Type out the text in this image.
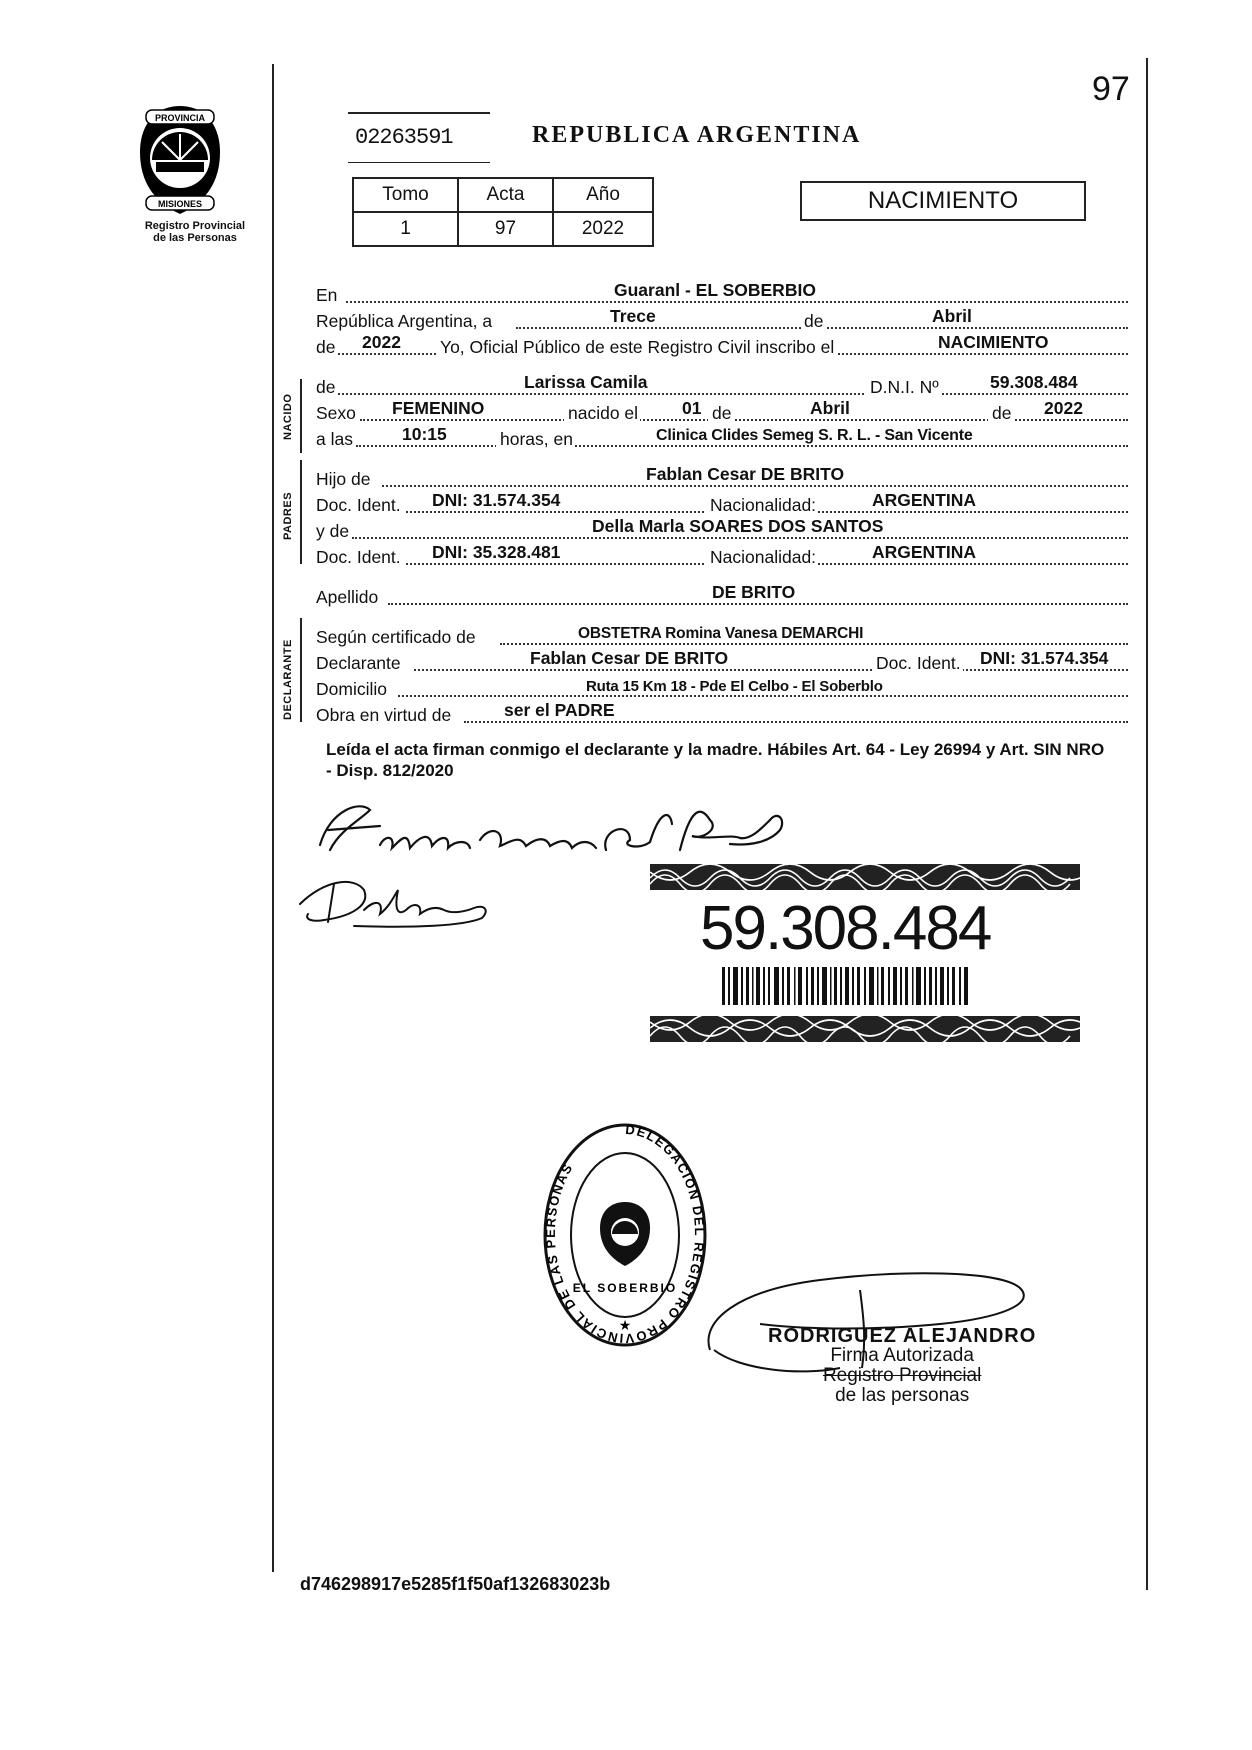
PROVINCIA
MISIONES
Registro Provincial
de las Personas
97
02263591	REPUBLICA ARGENTINA
Tomo	Acta	Año
1	97	2022
NACIMIENTO
NACIDO
PADRES
DECLARANTE
En	Guaranl - EL SOBERBIO
República Argentina, a	Trece	de	Abril
de 2022 Yo, Oficial Público de este Registro Civil inscribo el	NACIMIENTO
de	Larissa Camila	D.N.I. Nº	59.308.484
Sexo FEMENINO	nacido el	01 de	Abril	de 2022
a las	10:15	horas, en	Clinica Clides Semeg S. R. L. - San Vicente
Hijo de	Fablan Cesar DE BRITO
Doc. Ident. DNI: 31.574.354	Nacionalidad:	ARGENTINA
y de	Della Marla SOARES DOS SANTOS
Doc. Ident. DNI: 35.328.481	Nacionalidad:	ARGENTINA
Apellido	DE BRITO
Según certificado de	OBSTETRA Romina Vanesa DEMARCHI
Declarante	Fablan Cesar DE BRITO	Doc. Ident. DNI: 31.574.354
Domicilio	Ruta 15 Km 18 - Pde El Celbo - El Soberblo
Obra en virtud de	ser el PADRE
Leída el acta firman conmigo el declarante y la madre. Hábiles Art. 64 - Ley 26994 y Art. SIN NRO - Disp. 812/2020
59.308.484
DELEGACION DEL REGISTRO PROVINCIAL DE LAS PERSONAS
EL SOBERBIO
★	RODRIGUEZ ALEJANDRO
Firma Autorizada
Registro Provincial
de las personas
d746298917e5285f1f50af132683023b
